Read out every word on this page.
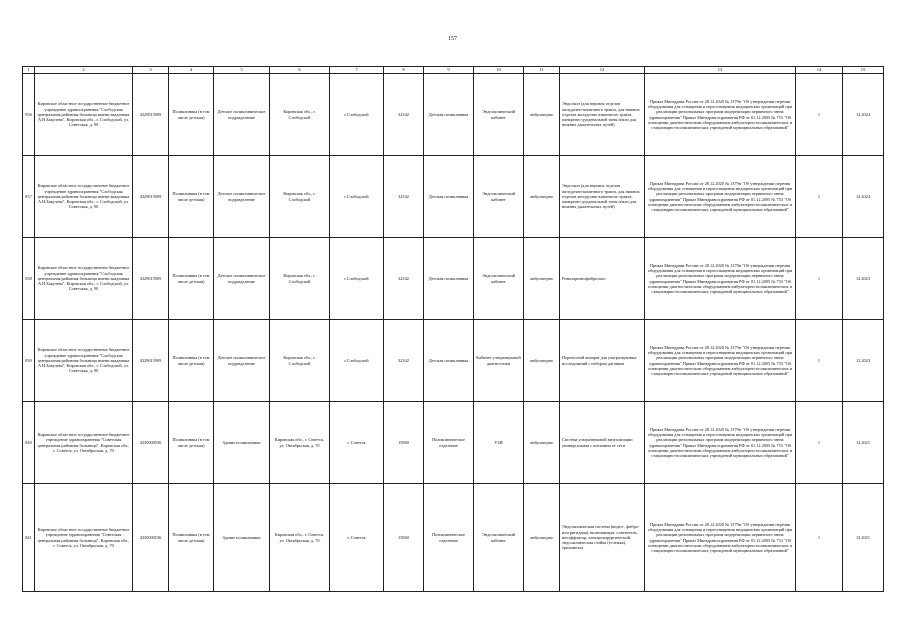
157
1	2	3	4	5	6	7	8	9	10	11	12	13	14	15
836	Кировское областное государственное бюджетное учреждение здравоохранения "Слободская центральная районная больница имени академика А.Н.Бакулева", Кировская обл., г. Слободской, ул. Советская, д. 90	4329015909	Поликлиника (в том числе детская)	Детское поликлиническое подразделение	Кировская обл., г. Слободской	г.Слободской	32342	Детская поликлиника	Эндоскопический кабинет	амбулаторно	Эндоскоп (для верхних отделов желудочно-кишечного тракта, для нижних отделов желудочно-кишечного тракта, панкреато-дуоденальной зоны и/или для нижних дыхательных путей)	Приказ Минздрава России от 28.12.2020 № 1379н "Об утверждении перечня оборудования для оснащения и переоснащения медицинских организаций при реализации региональных программ модернизации первичного звена здравоохранения" Приказ Минздравсоцразвития РФ от 01.12.2005 № 753 "Об оснащении диагностическим оборудованием амбулаторно-поликлинических и стационарно-поликлинических учреждений муниципальных образований"	1	12.2024
837	Кировское областное государственное бюджетное учреждение здравоохранения "Слободская центральная районная больница имени академика А.Н.Бакулева", Кировская обл., г. Слободской, ул. Советская, д. 90	4329015909	Поликлиника (в том числе детская)	Детское поликлиническое подразделение	Кировская обл., г. Слободской	г.Слободской	32342	Детская поликлиника	Эндоскопический кабинет	амбулаторно	Эндоскоп (для верхних отделов желудочно-кишечного тракта, для нижних отделов желудочно-кишечного тракта, панкреато-дуоденальной зоны и/или для нижних дыхательных путей)	Приказ Минздрава России от 28.12.2020 № 1379н "Об утверждении перечня оборудования для оснащения и переоснащения медицинских организаций при реализации региональных программ модернизации первичного звена здравоохранения" Приказ Минздравсоцразвития РФ от 01.12.2005 № 753 "Об оснащении диагностическим оборудованием амбулаторно-поликлинических и стационарно-поликлинических учреждений муниципальных образований"	1	12.2024
838	Кировское областное государственное бюджетное учреждение здравоохранения "Слободская центральная районная больница имени академика А.Н.Бакулева", Кировская обл., г. Слободской, ул. Советская, д. 90	4329015909	Поликлиника (в том числе детская)	Детское поликлиническое подразделение	Кировская обл., г. Слободской	г.Слободской	32342	Детская поликлиника	Эндоскопический кабинет	амбулаторно	Ринолaрингофиброскоп	Приказ Минздрава России от 28.12.2020 № 1379н "Об утверждении перечня оборудования для оснащения и переоснащения медицинских организаций при реализации региональных программ модернизации первичного звена здравоохранения" Приказ Минздравсоцразвития РФ от 01.12.2005 № 753 "Об оснащении диагностическим оборудованием амбулаторно-поликлинических и стационарно-поликлинических учреждений муниципальных образований"	1	12.2023
839	Кировское областное государственное бюджетное учреждение здравоохранения "Слободская центральная районная больница имени академика А.Н.Бакулева", Кировская обл., г. Слободской, ул. Советская, д. 90	4329015909	Поликлиника (в том числе детская)	Детское поликлиническое подразделение	Кировская обл., г. Слободской	г.Слободской	32342	Детская поликлиника	Кабинет ультразвуковой диагностики	амбулаторно	Переносной аппарат для ультразвуковых исследований с набором датчиков	Приказ Минздрава России от 28.12.2020 № 1379н "Об утверждении перечня оборудования для оснащения и переоснащения медицинских организаций при реализации региональных программ модернизации первичного звена здравоохранения" Приказ Минздравсоцразвития РФ от 01.12.2005 № 753 "Об оснащении диагностическим оборудованием амбулаторно-поликлинических и стационарно-поликлинических учреждений муниципальных образований"	1	12.2023
840	Кировское областное государственное бюджетное учреждение здравоохранения "Советская центральная районная больница", Кировская обл., г. Советск, ул. Октябрьская, д. 70	4330000536	Поликлиника (в том числе детская)	Здание поликлиники	Кировская обл., г. Советск, ул. Октябрьская, д. 70	г. Советск	15860	Поликлиническое отделение	УЗИ	амбулаторно	Система ультразвуковой визуализации универсальная с питанием от сети	Приказ Минздрава России от 28.12.2020 № 1379н "Об утверждении перечня оборудования для оснащения и переоснащения медицинских организаций при реализации региональных программ модернизации первичного звена здравоохранения" Приказ Минздравсоцразвития РФ от 01.12.2005 № 753 "Об оснащении диагностическим оборудованием амбулаторно-поликлинических и стационарно-поликлинических учреждений муниципальных образований"	1	12.2021
841	Кировское областное государственное бюджетное учреждение здравоохранения "Советская центральная районная больница", Кировская обл., г. Советск, ул. Октябрьская, д. 70	4330000536	Поликлиника (в том числе детская)	Здание поликлиники	Кировская обл., г. Советск, ул. Октябрьская, д. 70	г. Советск	15860	Поликлиническое отделение	Эндоскопический кабинет	амбулаторно	Эндоскопическая система (видео-, фибро- или ригидная), включающая: осветитель, инсуффлятор, электрохирургический, эндоскопическая стойка (тележка), трихинелла	Приказ Минздрава России от 28.12.2020 № 1379н "Об утверждении перечня оборудования для оснащения и переоснащения медицинских организаций при реализации региональных программ модернизации первичного звена здравоохранения" Приказ Минздравсоцразвития РФ от 01.12.2005 № 753 "Об оснащении диагностическим оборудованием амбулаторно-поликлинических и стационарно-поликлинических учреждений муниципальных образований"	1	12.2021
